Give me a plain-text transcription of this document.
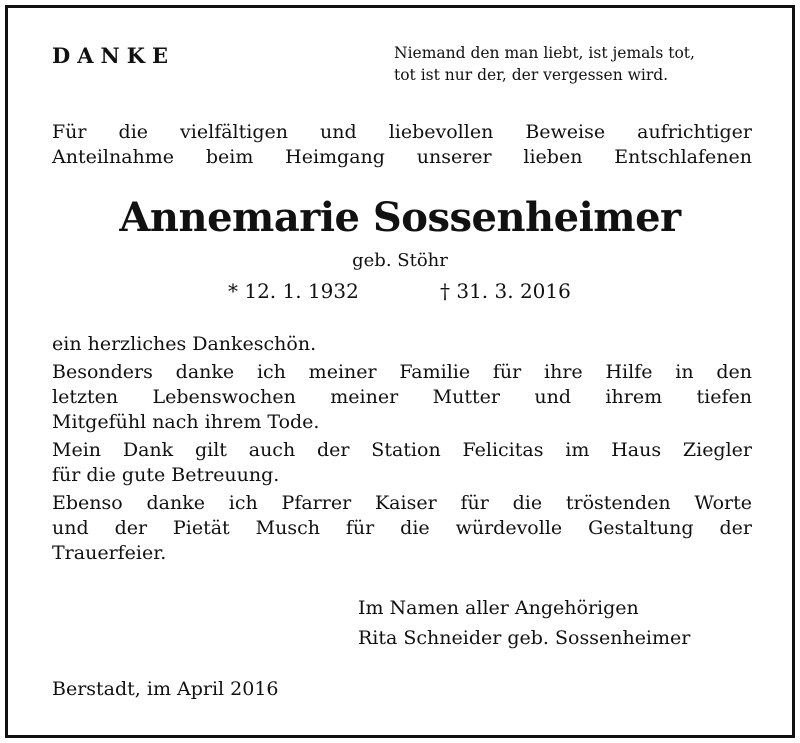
DANKE	Niemand den man liebt, ist jemals tot,
tot ist nur der, der vergessen wird.
Für die vielfältigen und liebevollen Beweise aufrichtiger
Anteilnahme beim Heimgang unserer lieben Entschlafenen
Annemarie Sossenheimer
geb. Stöhr
* 12. 1. 1932	† 31. 3. 2016
ein herzliches Dankeschön.
Besonders danke ich meiner Familie für ihre Hilfe in den
letzten Lebenswochen meiner Mutter und ihrem tiefen
Mitgefühl nach ihrem Tode.
Mein Dank gilt auch der Station Felicitas im Haus Ziegler
für die gute Betreuung.
Ebenso danke ich Pfarrer Kaiser für die tröstenden Worte
und der Pietät Musch für die würdevolle Gestaltung der
Trauerfeier.
Im Namen aller Angehörigen
Rita Schneider geb. Sossenheimer
Berstadt, im April 2016
